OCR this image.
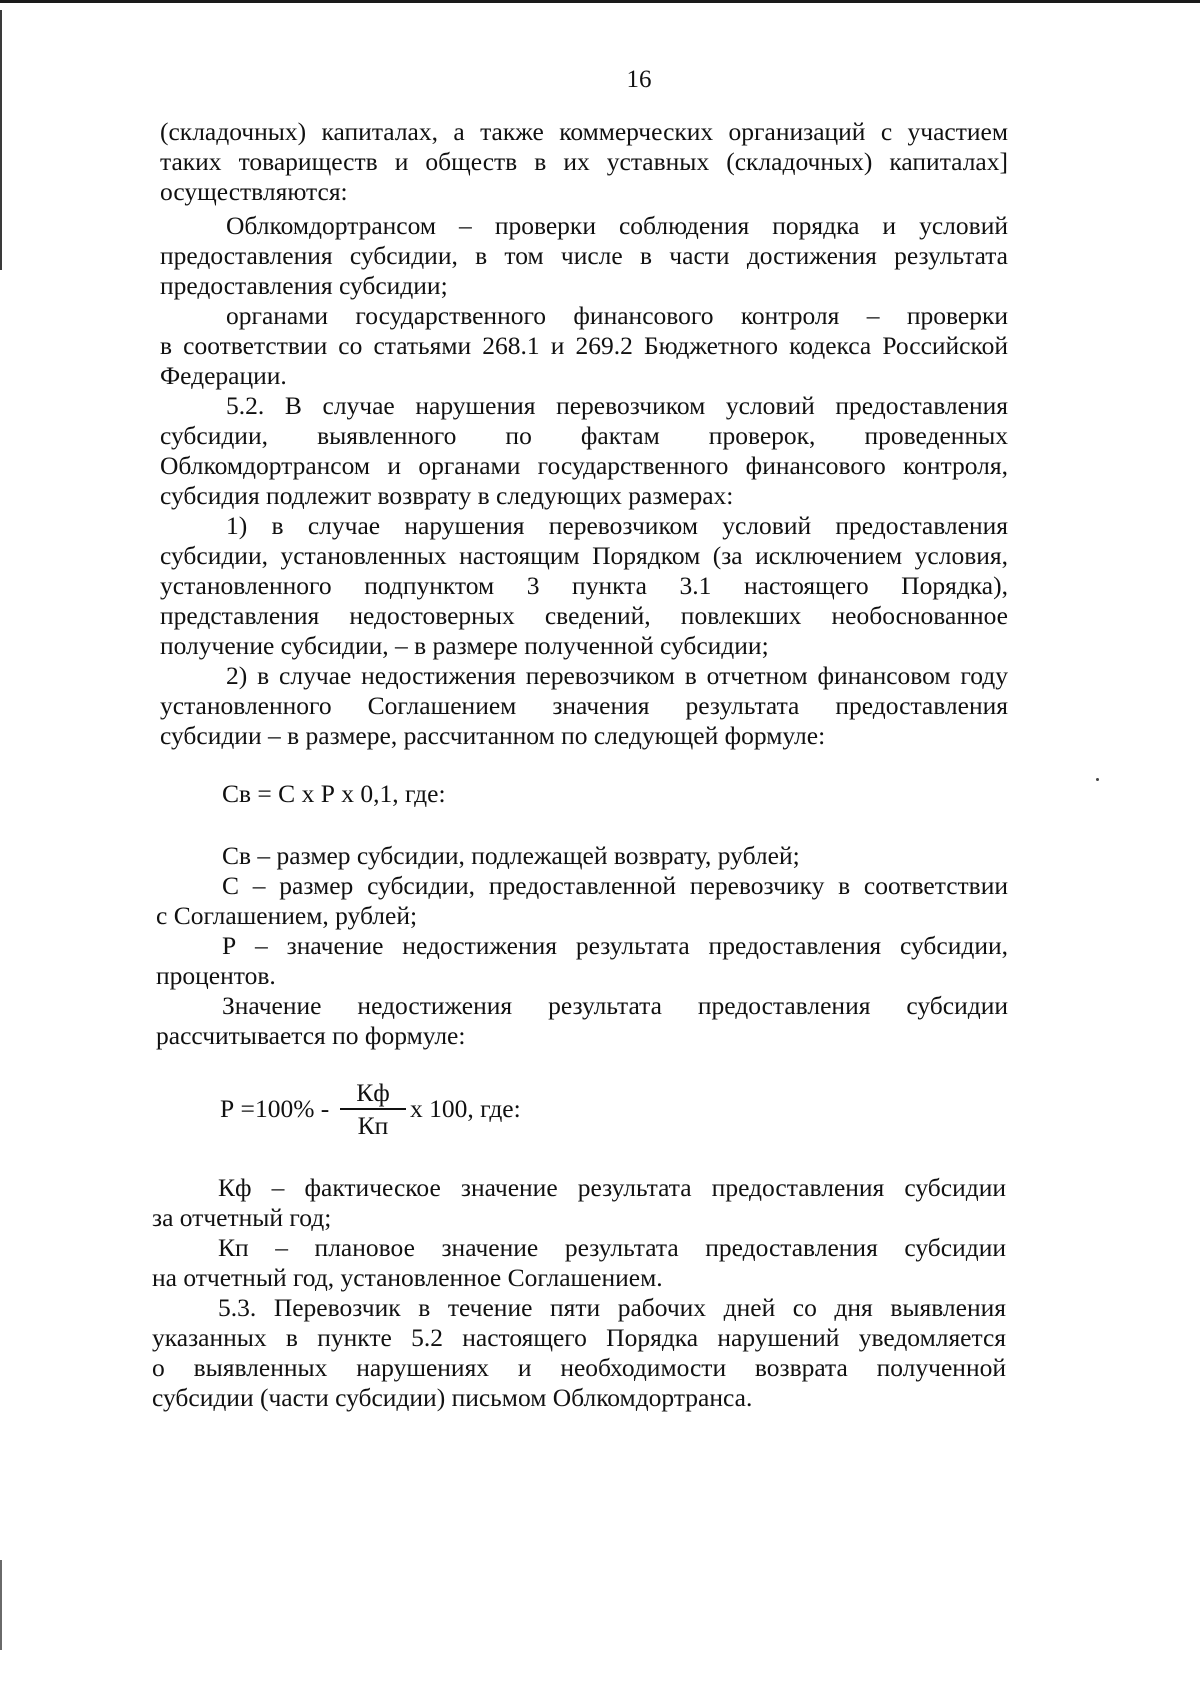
16
(складочных) капиталах, а также коммерческих организаций с участием
таких товариществ и обществ в их уставных (складочных) капиталах]
осуществляются:
Облкомдортрансом – проверки соблюдения порядка и условий
предоставления субсидии, в том числе в части достижения результата
предоставления субсидии;
органами государственного финансового контроля – проверки
в соответствии со статьями 268.1 и 269.2 Бюджетного кодекса Российской
Федерации.
5.2. В случае нарушения перевозчиком условий предоставления
субсидии, выявленного по фактам проверок, проведенных
Облкомдортрансом и органами государственного финансового контроля,
субсидия подлежит возврату в следующих размерах:
1) в случае нарушения перевозчиком условий предоставления
субсидии, установленных настоящим Порядком (за исключением условия,
установленного подпунктом 3 пункта 3.1 настоящего Порядка),
представления недостоверных сведений, повлекших необоснованное
получение субсидии, – в размере полученной субсидии;
2) в случае недостижения перевозчиком в отчетном финансовом году
установленного Соглашением значения результата предоставления
субсидии – в размере, рассчитанном по следующей формуле:
Св = С х Р х 0,1, где:
Св – размер субсидии, подлежащей возврату, рублей;
С – размер субсидии, предоставленной перевозчику в соответствии
с Соглашением, рублей;
Р – значение недостижения результата предоставления субсидии,
процентов.
Значение недостижения результата предоставления субсидии
рассчитывается по формуле:
Р =100% -
Кф
Кп
х 100, где:
Кф – фактическое значение результата предоставления субсидии
за отчетный год;
Кп – плановое значение результата предоставления субсидии
на отчетный год, установленное Соглашением.
5.3. Перевозчик в течение пяти рабочих дней со дня выявления
указанных в пункте 5.2 настоящего Порядка нарушений уведомляется
о выявленных нарушениях и необходимости возврата полученной
субсидии (части субсидии) письмом Облкомдортранса.
